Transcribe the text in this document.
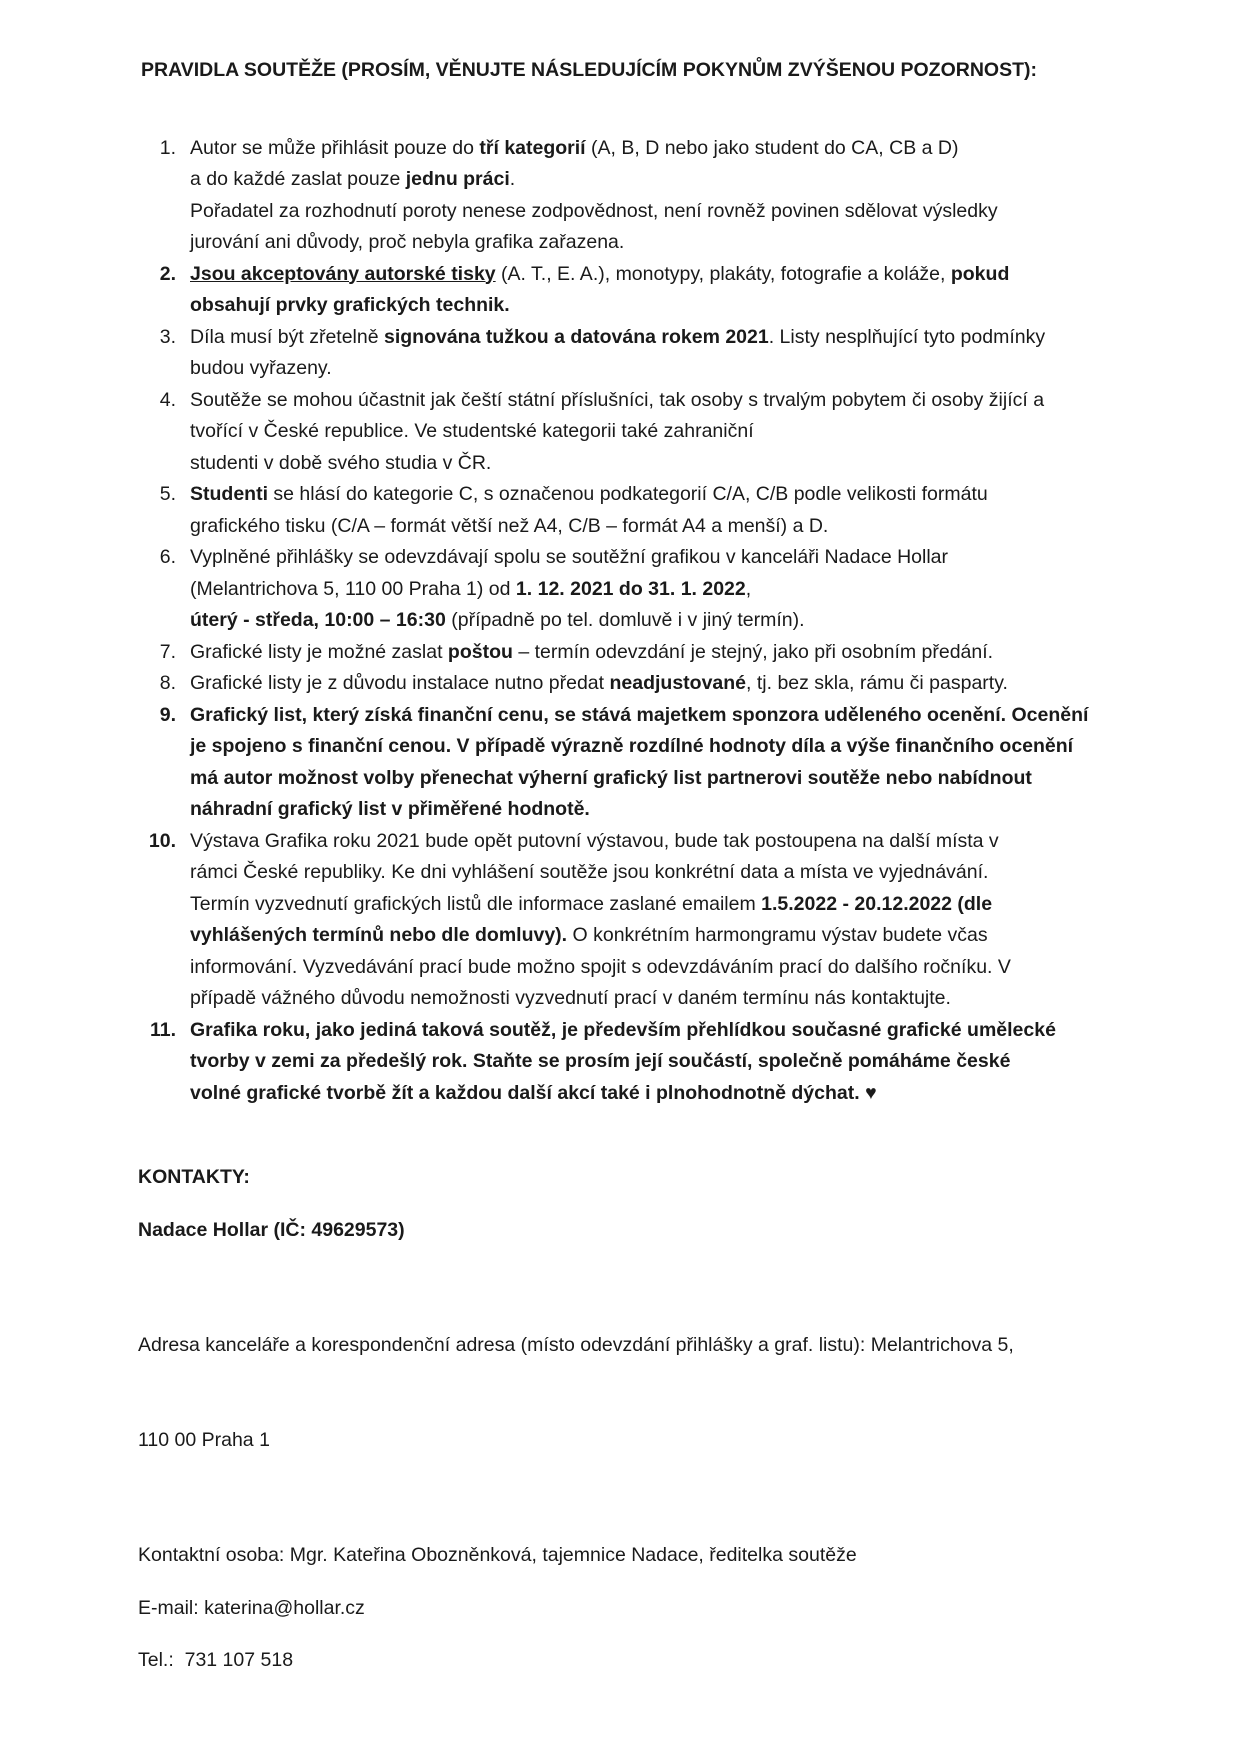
PRAVIDLA SOUTĚŽE (PROSÍM, VĚNUJTE NÁSLEDUJÍCÍM POKYNŮM ZVÝŠENOU POZORNOST):
1. Autor se může přihlásit pouze do tří kategorií (A, B, D nebo jako student do CA, CB a D)
a do každé zaslat pouze jednu práci.
Pořadatel za rozhodnutí poroty nenese zodpovědnost, není rovněž povinen sdělovat výsledky
jurování ani důvody, proč nebyla grafika zařazena.
2. Jsou akceptovány autorské tisky (A. T., E. A.), monotypy, plakáty, fotografie a koláže, pokud
obsahují prvky grafických technik.
3. Díla musí být zřetelně signována tužkou a datována rokem 2021. Listy nesplňující tyto podmínky
budou vyřazeny.
4. Soutěže se mohou účastnit jak čeští státní příslušníci, tak osoby s trvalým pobytem či osoby žijící a
tvořící v České republice. Ve studentské kategorii také zahraniční
studenti v době svého studia v ČR.
5. Studenti se hlásí do kategorie C, s označenou podkategorií C/A, C/B podle velikosti formátu
grafického tisku (C/A – formát větší než A4, C/B – formát A4 a menší) a D.
6. Vyplněné přihlášky se odevzdávají spolu se soutěžní grafikou v kanceláři Nadace Hollar
(Melantrichova 5, 110 00 Praha 1) od 1. 12. 2021 do 31. 1. 2022,
úterý - středa, 10:00 – 16:30 (případně po tel. domluvě i v jiný termín).
7. Grafické listy je možné zaslat poštou – termín odevzdání je stejný, jako při osobním předání.
8. Grafické listy je z důvodu instalace nutno předat neadjustované, tj. bez skla, rámu či pasparty.
9. Grafický list, který získá finanční cenu, se stává majetkem sponzora uděleného ocenění. Ocenění
je spojeno s finanční cenou. V případě výrazně rozdílné hodnoty díla a výše finančního ocenění
má autor možnost volby přenechat výherní grafický list partnerovi soutěže nebo nabídnout
náhradní grafický list v přiměřené hodnotě.
10. Výstava Grafika roku 2021 bude opět putovní výstavou, bude tak postoupena na další místa v
rámci České republiky. Ke dni vyhlášení soutěže jsou konkrétní data a místa ve vyjednávání.
Termín vyzvednutí grafických listů dle informace zaslané emailem 1.5.2022 - 20.12.2022 (dle
vyhlášených termínů nebo dle domluvy). O konkrétním harmongramu výstav budete včas
informování. Vyzvedávání prací bude možno spojit s odevzdáváním prací do dalšího ročníku. V
případě vážného důvodu nemožnosti vyzvednutí prací v daném termínu nás kontaktujte.
11. Grafika roku, jako jediná taková soutěž, je především přehlídkou současné grafické umělecké
tvorby v zemi za předešlý rok. Staňte se prosím její součástí, společně pomáháme české
volné grafické tvorbě žít a každou další akcí také i plnohodnotně dýchat. ♥
KONTAKTY:
Nadace Hollar (IČ: 49629573)

Adresa kanceláře a korespondenční adresa (místo odevzdání přihlášky a graf. listu): Melantrichova 5,

110 00 Praha 1

Kontaktní osoba: Mgr. Kateřina Obozněnková, tajemnice Nadace, ředitelka soutěže
E-mail: katerina@hollar.cz
Tel.:  731 107 518
